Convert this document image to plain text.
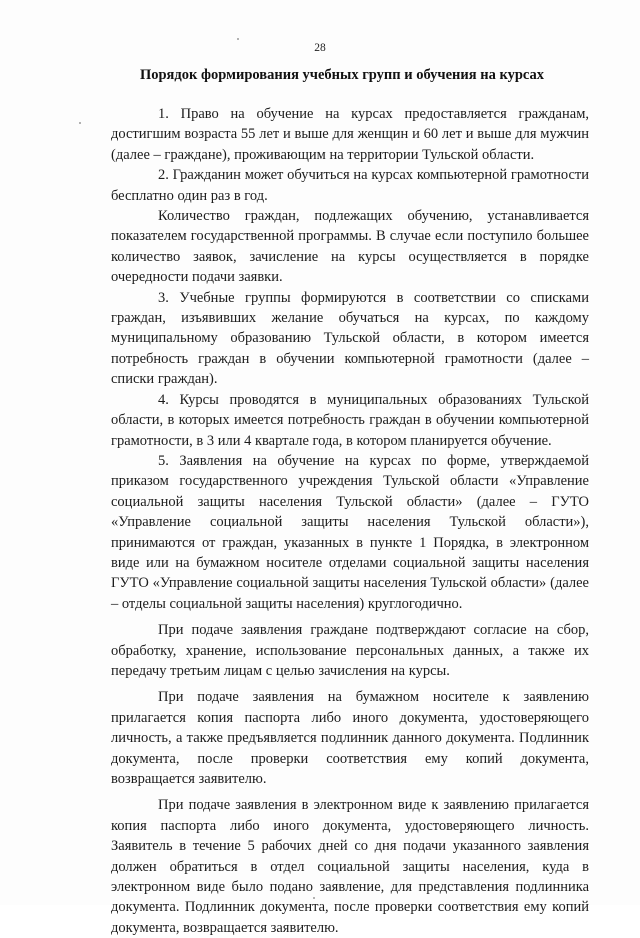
28
Порядок формирования учебных групп и обучения на курсах

1. Право на обучение на курсах предоставляется гражданам, достигшим возраста 55 лет и выше для женщин и 60 лет и выше для мужчин (далее – граждане), проживающим на территории Тульской области.

2. Гражданин может обучиться на курсах компьютерной грамотности бесплатно один раз в год.

Количество граждан, подлежащих обучению, устанавливается показателем государственной программы. В случае если поступило большее количество заявок, зачисление на курсы осуществляется в порядке очередности подачи заявки.

3. Учебные группы формируются в соответствии со списками граждан, изъявивших желание обучаться на курсах, по каждому муниципальному образованию Тульской области, в котором имеется потребность граждан в обучении компьютерной грамотности (далее – списки граждан).

4. Курсы проводятся в муниципальных образованиях Тульской области, в которых имеется потребность граждан в обучении компьютерной грамотности, в 3 или 4 квартале года, в котором планируется обучение.

5. Заявления на обучение на курсах по форме, утверждаемой приказом государственного учреждения Тульской области «Управление социальной защиты населения Тульской области» (далее – ГУТО «Управление социальной защиты населения Тульской области»), принимаются от граждан, указанных в пункте 1 Порядка, в электронном виде или на бумажном носителе отделами социальной защиты населения ГУТО «Управление социальной защиты населения Тульской области» (далее – отделы социальной защиты населения) круглогодично.

При подаче заявления граждане подтверждают согласие на сбор, обработку, хранение, использование персональных данных, а также их передачу третьим лицам с целью зачисления на курсы.

При подаче заявления на бумажном носителе к заявлению прилагается копия паспорта либо иного документа, удостоверяющего личность, а также предъявляется подлинник данного документа. Подлинник документа, после проверки соответствия ему копий документа, возвращается заявителю.

При подаче заявления в электронном виде к заявлению прилагается копия паспорта либо иного документа, удостоверяющего личность. Заявитель в течение 5 рабочих дней со дня подачи указанного заявления должен обратиться в отдел социальной защиты населения, куда в электронном виде было подано заявление, для представления подлинника документа. Подлинник документа, после проверки соответствия ему копий документа, возвращается заявителю.
